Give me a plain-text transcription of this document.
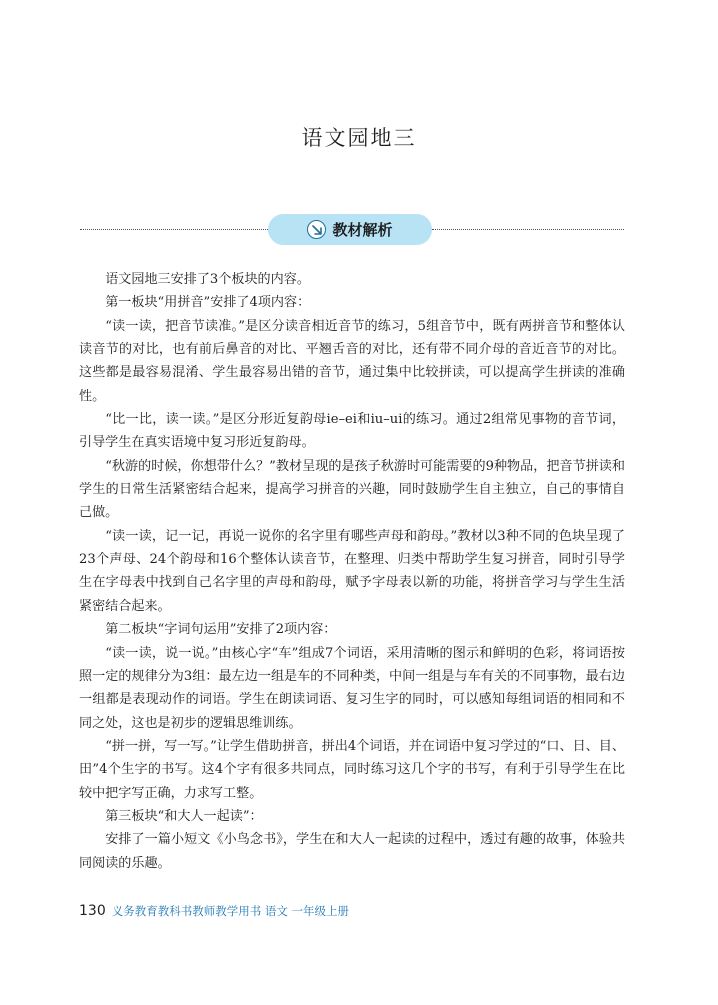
语文园地三
教材解析

语文园地三安排了3个板块的内容。

第一板块“用拼音”安排了4项内容：

“读一读，把音节读准。”是区分读音相近音节的练习，5组音节中，既有两拼音节和整体认读音节的对比，也有前后鼻音的对比、平翘舌音的对比，还有带不同介母的音近音节的对比。这些都是最容易混淆、学生最容易出错的音节，通过集中比较拼读，可以提高学生拼读的准确性。

“比一比，读一读。”是区分形近复韵母ie–ei和iu–ui的练习。通过2组常见事物的音节词，引导学生在真实语境中复习形近复韵母。

“秋游的时候，你想带什么？”教材呈现的是孩子秋游时可能需要的9种物品，把音节拼读和学生的日常生活紧密结合起来，提高学习拼音的兴趣，同时鼓励学生自主独立，自己的事情自己做。

“读一读，记一记，再说一说你的名字里有哪些声母和韵母。”教材以3种不同的色块呈现了23个声母、24个韵母和16个整体认读音节，在整理、归类中帮助学生复习拼音，同时引导学生在字母表中找到自己名字里的声母和韵母，赋予字母表以新的功能，将拼音学习与学生生活紧密结合起来。

第二板块“字词句运用”安排了2项内容：

“读一读，说一说。”由核心字“车”组成7个词语，采用清晰的图示和鲜明的色彩，将词语按照一定的规律分为3组：最左边一组是车的不同种类，中间一组是与车有关的不同事物，最右边一组都是表现动作的词语。学生在朗读词语、复习生字的同时，可以感知每组词语的相同和不同之处，这也是初步的逻辑思维训练。

“拼一拼，写一写。”让学生借助拼音，拼出4个词语，并在词语中复习学过的“口、日、目、田”4个生字的书写。这4个字有很多共同点，同时练习这几个字的书写，有利于引导学生在比较中把字写正确，力求写工整。

第三板块“和大人一起读”：

安排了一篇小短文《小鸟念书》，学生在和大人一起读的过程中，透过有趣的故事，体验共同阅读的乐趣。

130 义务教育教科书教师教学用书 语文 一年级上册
